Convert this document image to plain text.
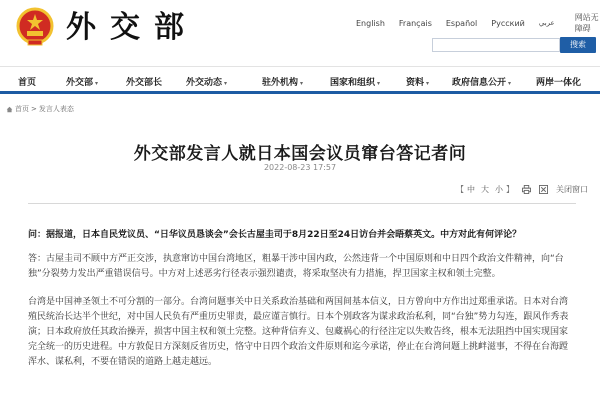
外交部	English Français Español Русский عربي
网站无障碍
搜索
首页	外交部 ▾	外交部长	外交动态 ▾	驻外机构 ▾	国家和组织 ▾	资料 ▾	政府信息公开 ▾	两岸一体化
首页 > 发言人表态
外交部发言人就日本国会议员窜台答记者问
2022-08-23 17:57
【 中 大 小 】	关闭窗口

问：据报道，日本自民党议员、“日华议员恳谈会”会长古屋圭司于8月22日至24日访台并会晤蔡英文。中方对此有何评论？

答：古屋圭司不顾中方严正交涉，执意窜访中国台湾地区，粗暴干涉中国内政，公然违背一个中国原则和中日四个政治文件精神，向“台独”分裂势力发出严重错误信号。中方对上述恶劣行径表示强烈谴责，将采取坚决有力措施，捍卫国家主权和领土完整。

台湾是中国神圣领土不可分割的一部分。台湾问题事关中日关系政治基础和两国间基本信义，日方曾向中方作出过郑重承诺。日本对台湾殖民统治长达半个世纪，对中国人民负有严重历史罪责，最应谨言慎行。日本个别政客为谋求政治私利，同“台独”势力勾连，跟风作秀表演；日本政府放任其政治操弄，损害中国主权和领土完整。这种背信弃义、包藏祸心的行径注定以失败告终，根本无法阻挡中国实现国家完全统一的历史进程。中方敦促日方深刻反省历史，恪守中日四个政治文件原则和迄今承诺，停止在台湾问题上挑衅滋事，不得在台海蹚浑水、谋私利，不要在错误的道路上越走越远。
